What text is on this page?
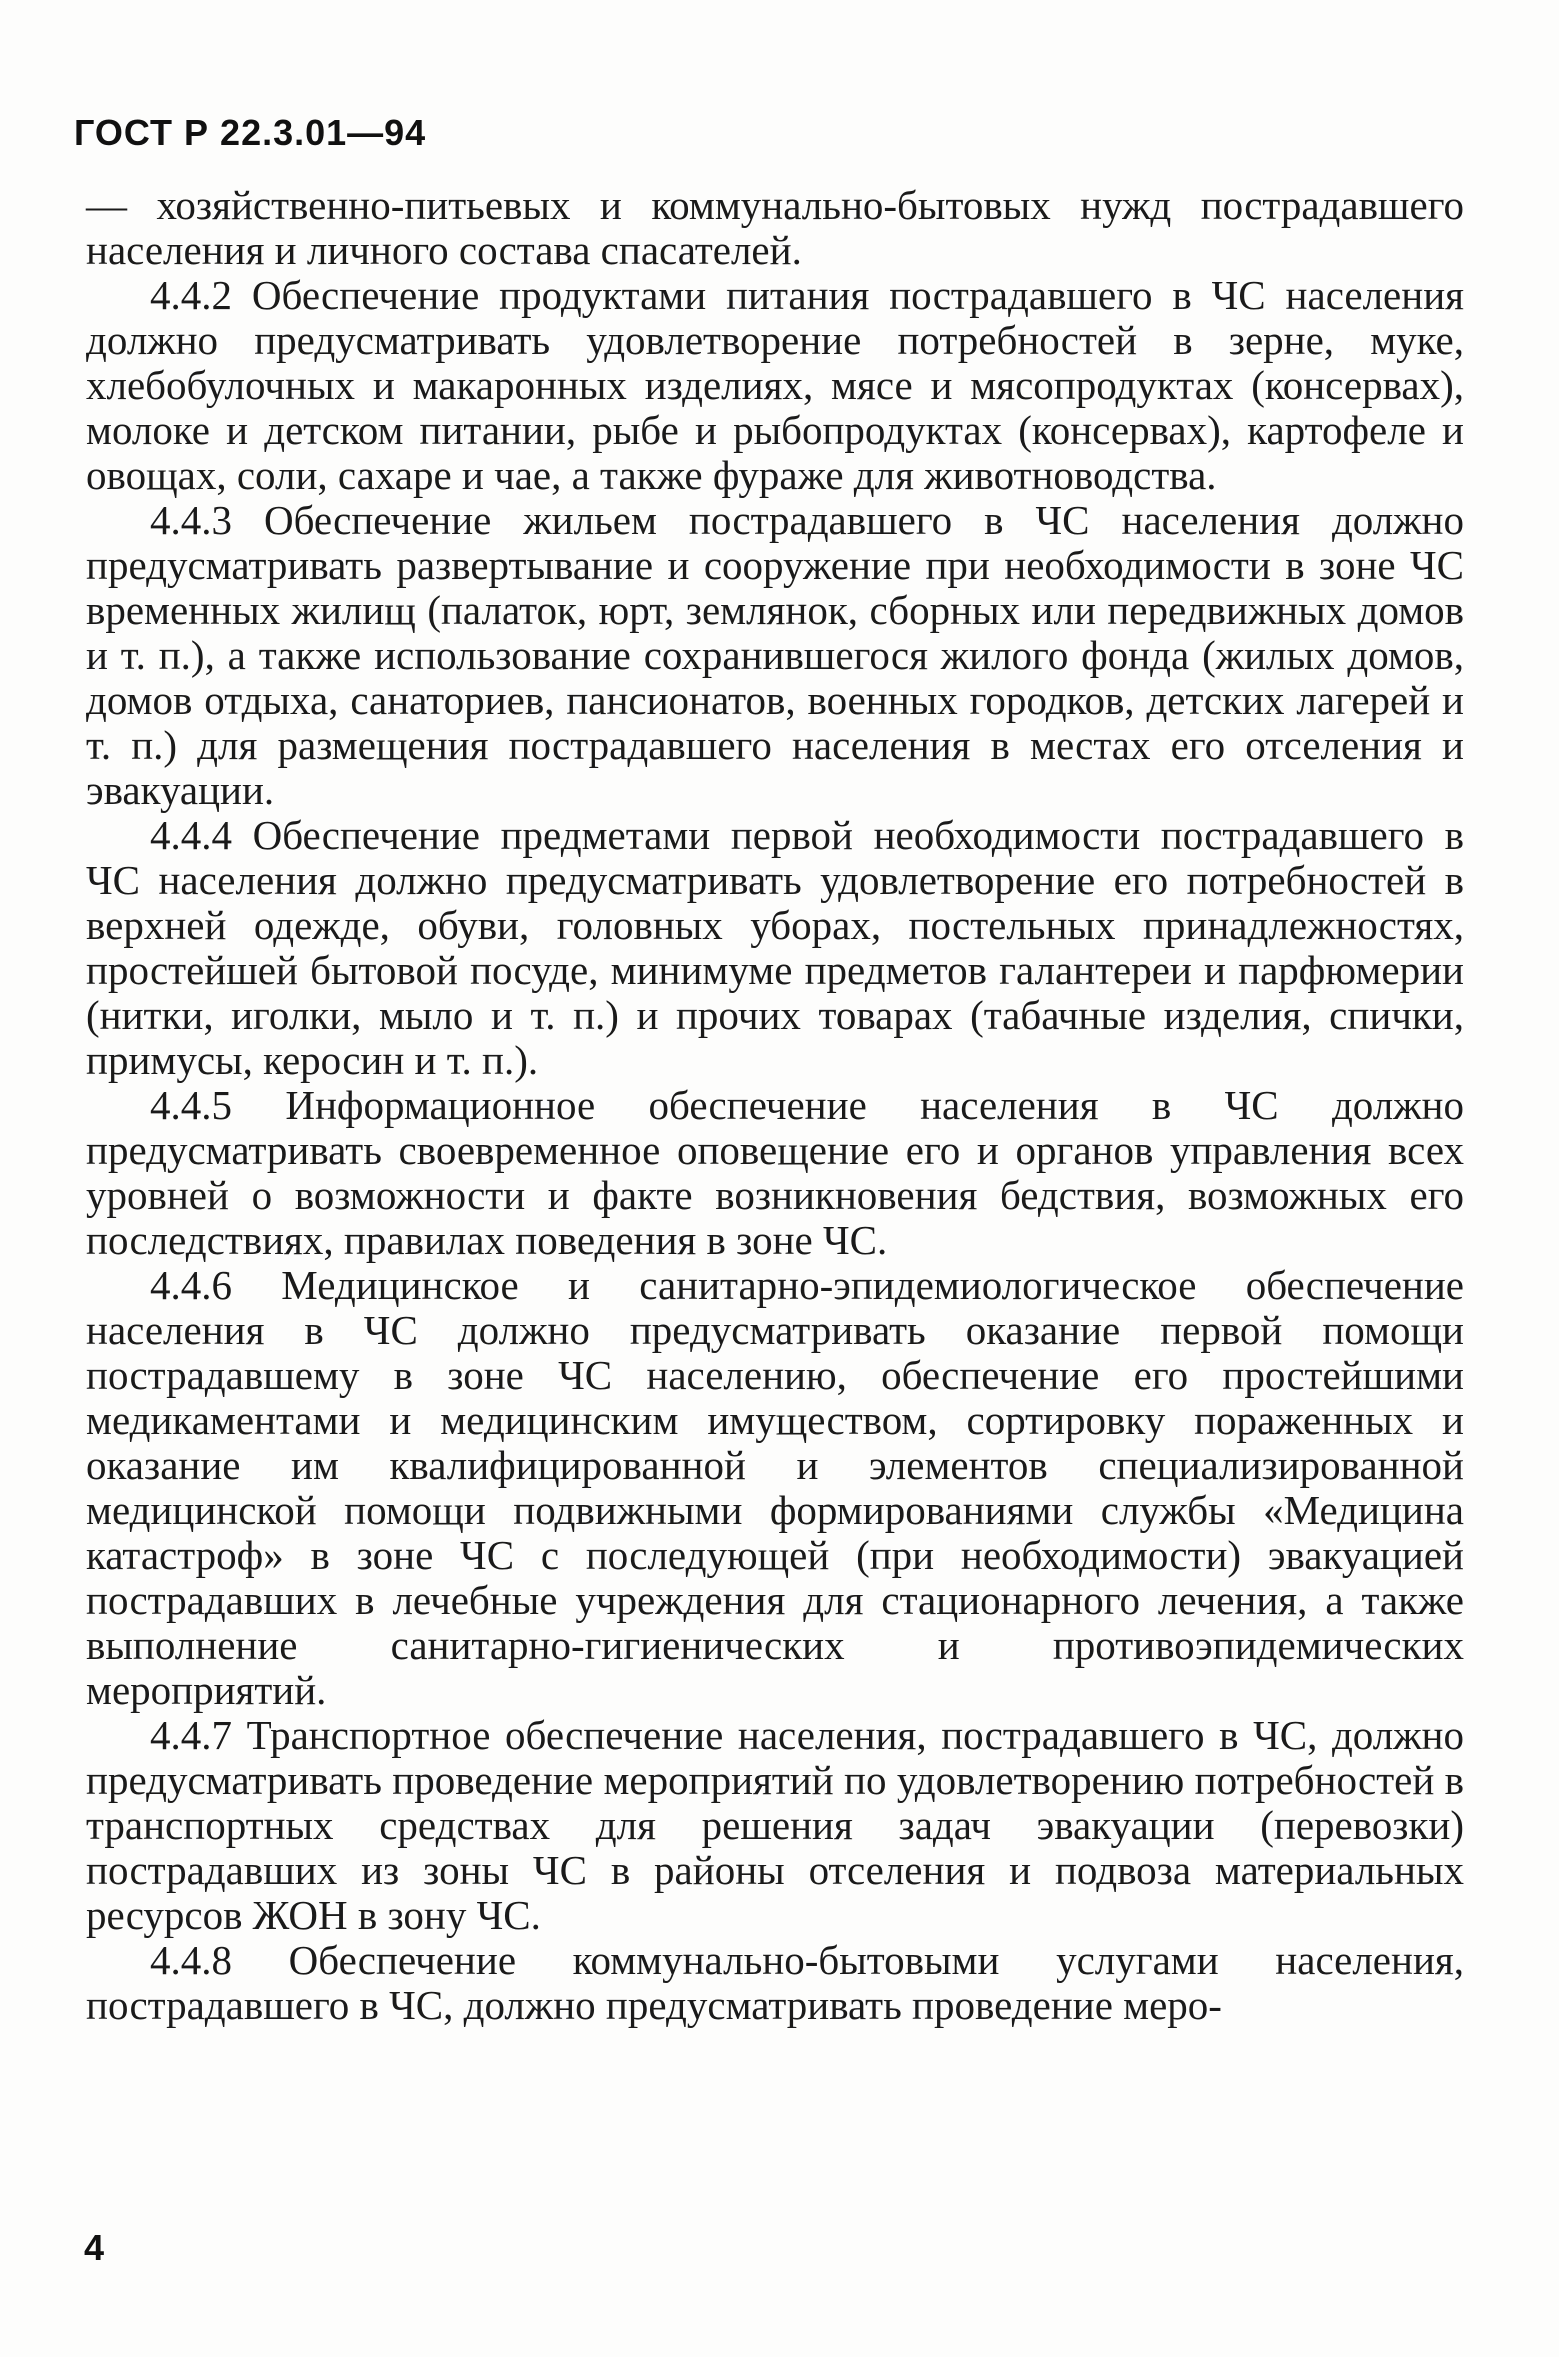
ГОСТ Р 22.3.01—94

— хозяйственно-питьевых и коммунально-бытовых нужд пострадавшего населения и личного состава спасателей.

4.4.2 Обеспечение продуктами питания пострадавшего в ЧС населения должно предусматривать удовлетворение потребностей в зерне, муке, хлебобулочных и макаронных изделиях, мясе и мясопродуктах (консервах), молоке и детском питании, рыбе и рыбопродуктах (консервах), картофеле и овощах, соли, сахаре и чае, а также фураже для животноводства.

4.4.3 Обеспечение жильем пострадавшего в ЧС населения должно предусматривать развертывание и сооружение при необходимости в зоне ЧС временных жилищ (палаток, юрт, землянок, сборных или передвижных домов и т. п.), а также использование сохранившегося жилого фонда (жилых домов, домов отдыха, санаториев, пансионатов, военных городков, детских лагерей и т. п.) для размещения пострадавшего населения в местах его отселения и эвакуации.

4.4.4 Обеспечение предметами первой необходимости пострадавшего в ЧС населения должно предусматривать удовлетворение его потребностей в верхней одежде, обуви, головных уборах, постельных принадлежностях, простейшей бытовой посуде, минимуме предметов галантереи и парфюмерии (нитки, иголки, мыло и т. п.) и прочих товарах (табачные изделия, спички, примусы, керосин и т. п.).

4.4.5 Информационное обеспечение населения в ЧС должно предусматривать своевременное оповещение его и органов управления всех уровней о возможности и факте возникновения бедствия, возможных его последствиях, правилах поведения в зоне ЧС.

4.4.6 Медицинское и санитарно-эпидемиологическое обеспечение населения в ЧС должно предусматривать оказание первой помощи пострадавшему в зоне ЧС населению, обеспечение его простейшими медикаментами и медицинским имуществом, сортировку пораженных и оказание им квалифицированной и элементов специализированной медицинской помощи подвижными формированиями службы «Медицина катастроф» в зоне ЧС с последующей (при необходимости) эвакуацией пострадавших в лечебные учреждения для стационарного лечения, а также выполнение санитарно-гигиенических и противоэпидемических мероприятий.

4.4.7 Транспортное обеспечение населения, пострадавшего в ЧС, должно предусматривать проведение мероприятий по удовлетворению потребностей в транспортных средствах для решения задач эвакуации (перевозки) пострадавших из зоны ЧС в районы отселения и подвоза материальных ресурсов ЖОН в зону ЧС.

4.4.8 Обеспечение коммунально-бытовыми услугами населения, пострадавшего в ЧС, должно предусматривать проведение меро-

4
